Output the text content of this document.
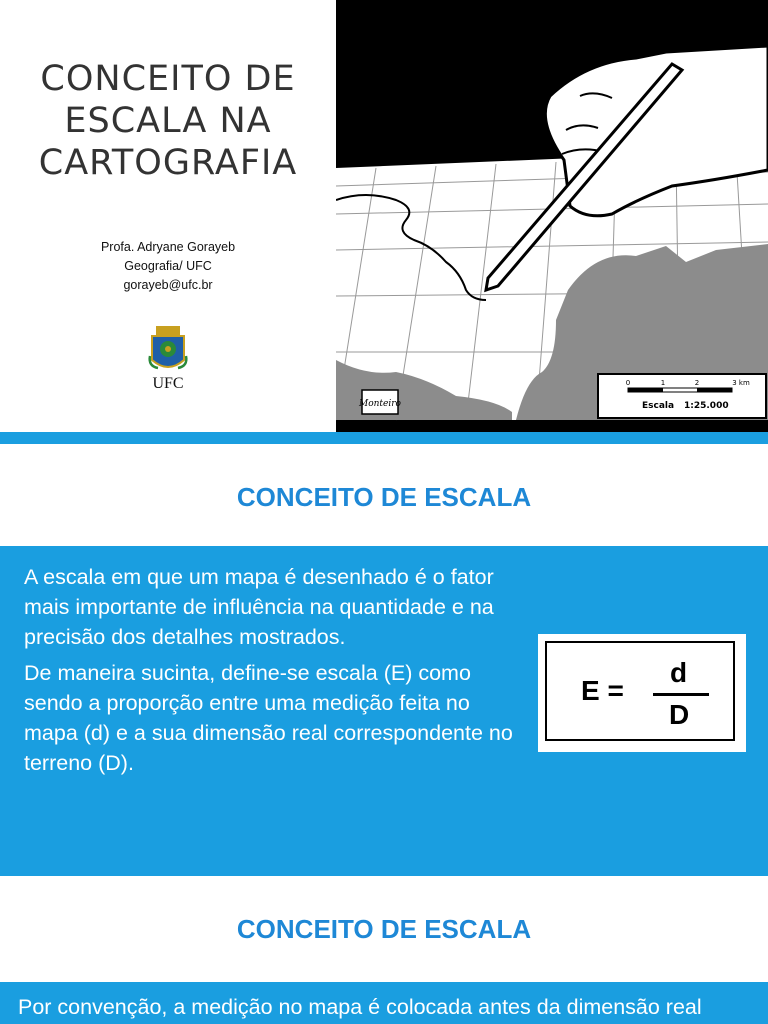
CONCEITO DE
ESCALA NA
CARTOGRAFIA
Profa. Adryane Gorayeb
Geografia/ UFC
gorayeb@ufc.br
UFC
Monteiro
0	1	2	3 km
Escala 1:25.000
CONCEITO DE ESCALA

A escala em que um mapa é desenhado é o fator mais importante de influência na quantidade e na precisão dos detalhes mostrados.

De maneira sucinta, define-se escala (E) como sendo a proporção entre uma medição feita no mapa (d) e a sua dimensão real correspondente no terreno (D).

E =
d
D
CONCEITO DE ESCALA
Por convenção, a medição no mapa é colocada antes da dimensão real
